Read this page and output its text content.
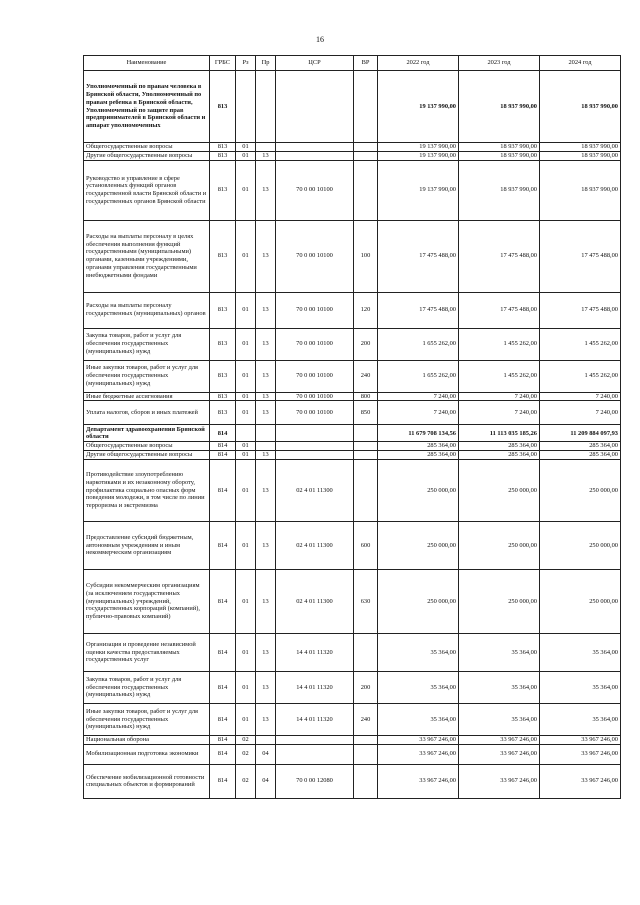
16
Наименование	ГРБС	Рз	Пр	ЦСР	ВР	2022 год	2023 год	2024 год
Уполномоченный по правам человека в Брянской области, Уполномоченный по правам ребенка в Брянской области, Уполномоченный по защите прав предпринимателей в Брянской области и аппарат уполномоченных	813					19 137 990,00	18 937 990,00	18 937 990,00
Общегосударственные вопросы	813	01				19 137 990,00	18 937 990,00	18 937 990,00
Другие общегосударственные вопросы	813	01	13			19 137 990,00	18 937 990,00	18 937 990,00
Руководство и управление в сфере установленных функций органов государственной власти Брянской области и государственных органов Брянской области	813	01	13	70 0 00 10100		19 137 990,00	18 937 990,00	18 937 990,00
Расходы на выплаты персоналу в целях обеспечения выполнения функций государственными (муниципальными) органами, казенными учреждениями, органами управления государственными внебюджетными фондами	813	01	13	70 0 00 10100	100	17 475 488,00	17 475 488,00	17 475 488,00
Расходы на выплаты персоналу государственных (муниципальных) органов	813	01	13	70 0 00 10100	120	17 475 488,00	17 475 488,00	17 475 488,00
Закупка товаров, работ и услуг для обеспечения государственных (муниципальных) нужд	813	01	13	70 0 00 10100	200	1 655 262,00	1 455 262,00	1 455 262,00
Иные закупки товаров, работ и услуг для обеспечения государственных (муниципальных) нужд	813	01	13	70 0 00 10100	240	1 655 262,00	1 455 262,00	1 455 262,00
Иные бюджетные ассигнования	813	01	13	70 0 00 10100	800	7 240,00	7 240,00	7 240,00
Уплата налогов, сборов и иных платежей	813	01	13	70 0 00 10100	850	7 240,00	7 240,00	7 240,00
Департамент здравоохранения Брянской области	814					11 679 708 134,56	11 113 035 185,26	11 209 884 097,93
Общегосударственные вопросы	814	01				285 364,00	285 364,00	285 364,00
Другие общегосударственные вопросы	814	01	13			285 364,00	285 364,00	285 364,00
Противодействие злоупотреблению наркотиками и их незаконному обороту, профилактика социально опасных форм поведения молодежи, в том числе по линии терроризма и экстремизма	814	01	13	02 4 01 11300		250 000,00	250 000,00	250 000,00
Предоставление субсидий бюджетным, автономным учреждениям и иным некоммерческим организациям	814	01	13	02 4 01 11300	600	250 000,00	250 000,00	250 000,00
Субсидии некоммерческим организациям (за исключением государственных (муниципальных) учреждений, государственных корпораций (компаний), публично-правовых компаний)	814	01	13	02 4 01 11300	630	250 000,00	250 000,00	250 000,00
Организация и проведение независимой оценки качества предоставляемых государственных услуг	814	01	13	14 4 01 11320		35 364,00	35 364,00	35 364,00
Закупка товаров, работ и услуг для обеспечения государственных (муниципальных) нужд	814	01	13	14 4 01 11320	200	35 364,00	35 364,00	35 364,00
Иные закупки товаров, работ и услуг для обеспечения государственных (муниципальных) нужд	814	01	13	14 4 01 11320	240	35 364,00	35 364,00	35 364,00
Национальная оборона	814	02				33 967 246,00	33 967 246,00	33 967 246,00
Мобилизационная подготовка экономики	814	02	04			33 967 246,00	33 967 246,00	33 967 246,00
Обеспечение мобилизационной готовности специальных объектов и формирований	814	02	04	70 0 00 12080		33 967 246,00	33 967 246,00	33 967 246,00
